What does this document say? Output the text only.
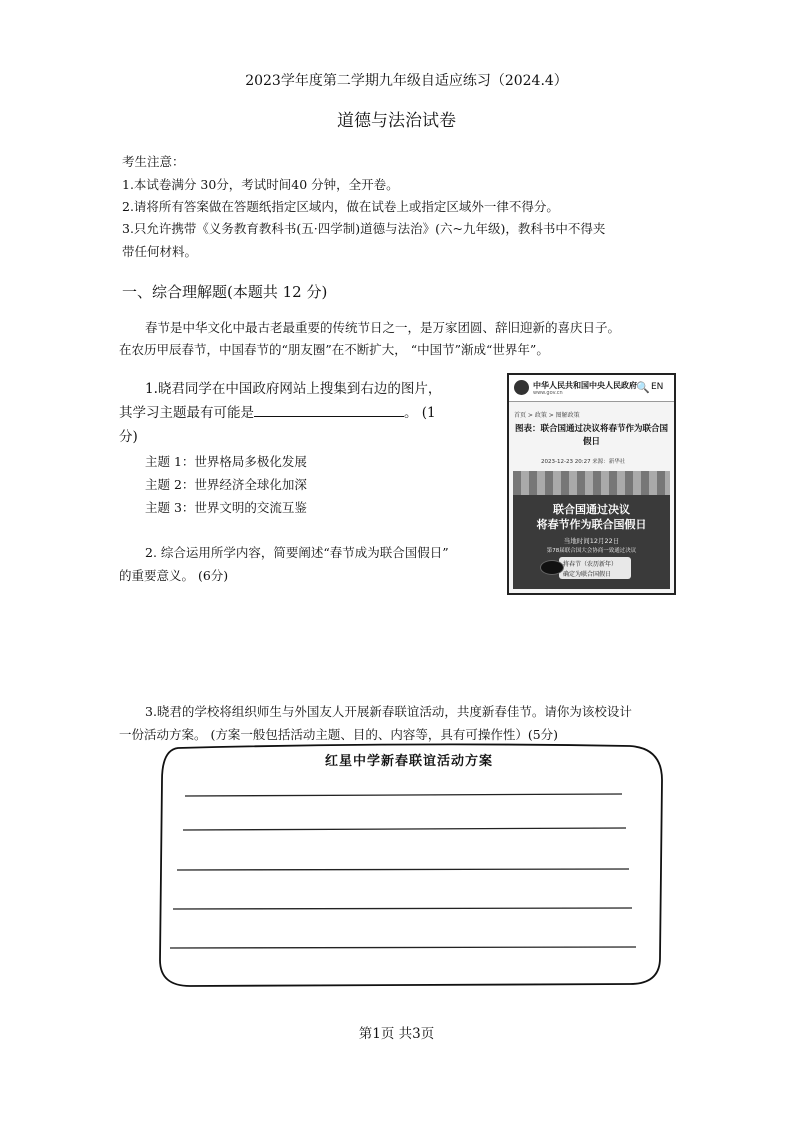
2023学年度第二学期九年级自适应练习（2024.4）
道德与法治试卷
考生注意：
1.本试卷满分 30分，考试时间40 分钟，全开卷。
2.请将所有答案做在答题纸指定区域内，做在试卷上或指定区域外一律不得分。
3.只允许携带《义务教育教科书(五·四学制)道德与法治》(六~九年级)，教科书中不得夹
带任何材料。
一、综合理解题(本题共 12 分)
春节是中华文化中最古老最重要的传统节日之一，是万家团圆、辞旧迎新的喜庆日子。
在农历甲辰春节，中国春节的“朋友圈”在不断扩大， “中国节”渐成“世界年”。
1.晓君同学在中国政府网站上搜集到右边的图片，
其学习主题最有可能是	。 (1
分)
主题 1：世界格局多极化发展
主题 2：世界经济全球化加深
主题 3：世界文明的交流互鉴
2. 综合运用所学内容，简要阐述“春节成为联合国假日”
的重要意义。 (6分)
中华人民共和国中央人民政府
www.gov.cn	🔍 EN
首页 > 政策 > 图解政策
图表：联合国通过决议将春节作为联合国假日
2023-12-23 20:27 来源：新华社
联合国通过决议
将春节作为联合国假日
当地时间12月22日
第78届联合国大会协商一致通过决议
将春节（农历新年）
确定为联合国假日
3.晓君的学校将组织师生与外国友人开展新春联谊活动，共度新春佳节。请你为该校设计
一份活动方案。 (方案一般包括活动主题、目的、内容等，具有可操作性）(5分)
红星中学新春联谊活动方案
第1页 共3页
